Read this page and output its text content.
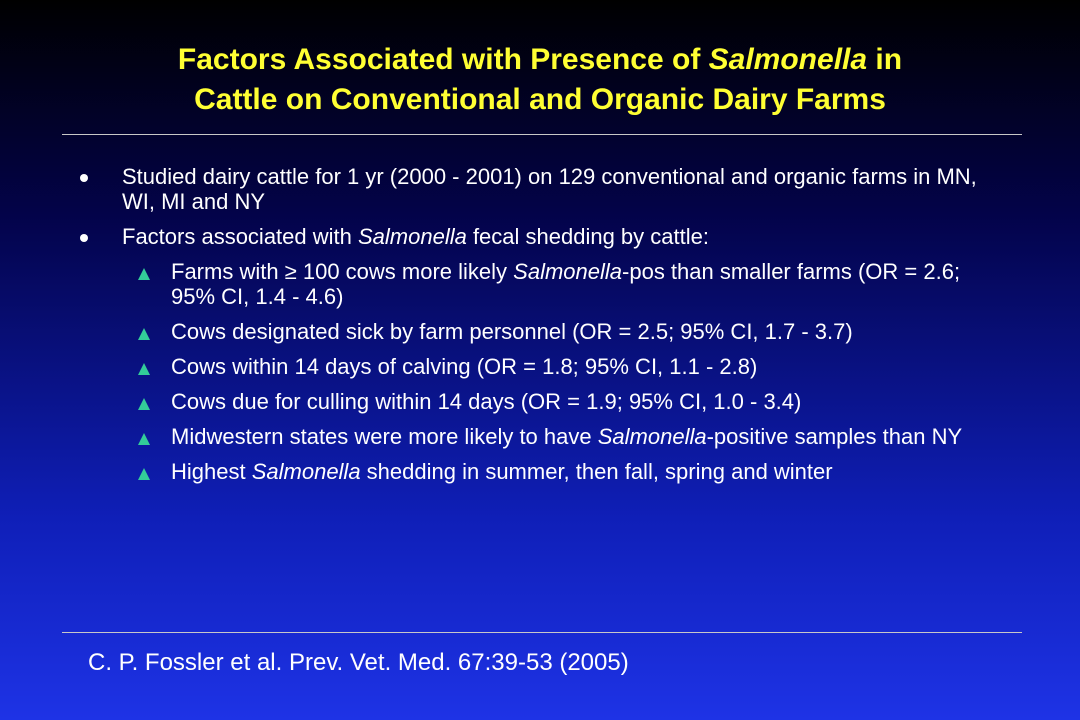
Factors Associated with Presence of Salmonella in
Cattle on Conventional and Organic Dairy Farms
Studied dairy cattle for 1 yr (2000 - 2001) on 129 conventional and organic farms in MN, WI, MI and NY
Factors associated with Salmonella fecal shedding by cattle:
Farms with ≥ 100 cows more likely Salmonella-pos than smaller farms (OR = 2.6; 95% CI, 1.4 - 4.6)
Cows designated sick by farm personnel (OR = 2.5; 95% CI, 1.7 - 3.7)
Cows within 14 days of calving (OR = 1.8; 95% CI, 1.1 - 2.8)
Cows due for culling within 14 days (OR = 1.9; 95% CI, 1.0 - 3.4)
Midwestern states were more likely to have Salmonella-positive samples than NY
Highest Salmonella shedding in summer, then fall, spring and winter

C. P. Fossler et al. Prev. Vet. Med. 67:39-53 (2005)
